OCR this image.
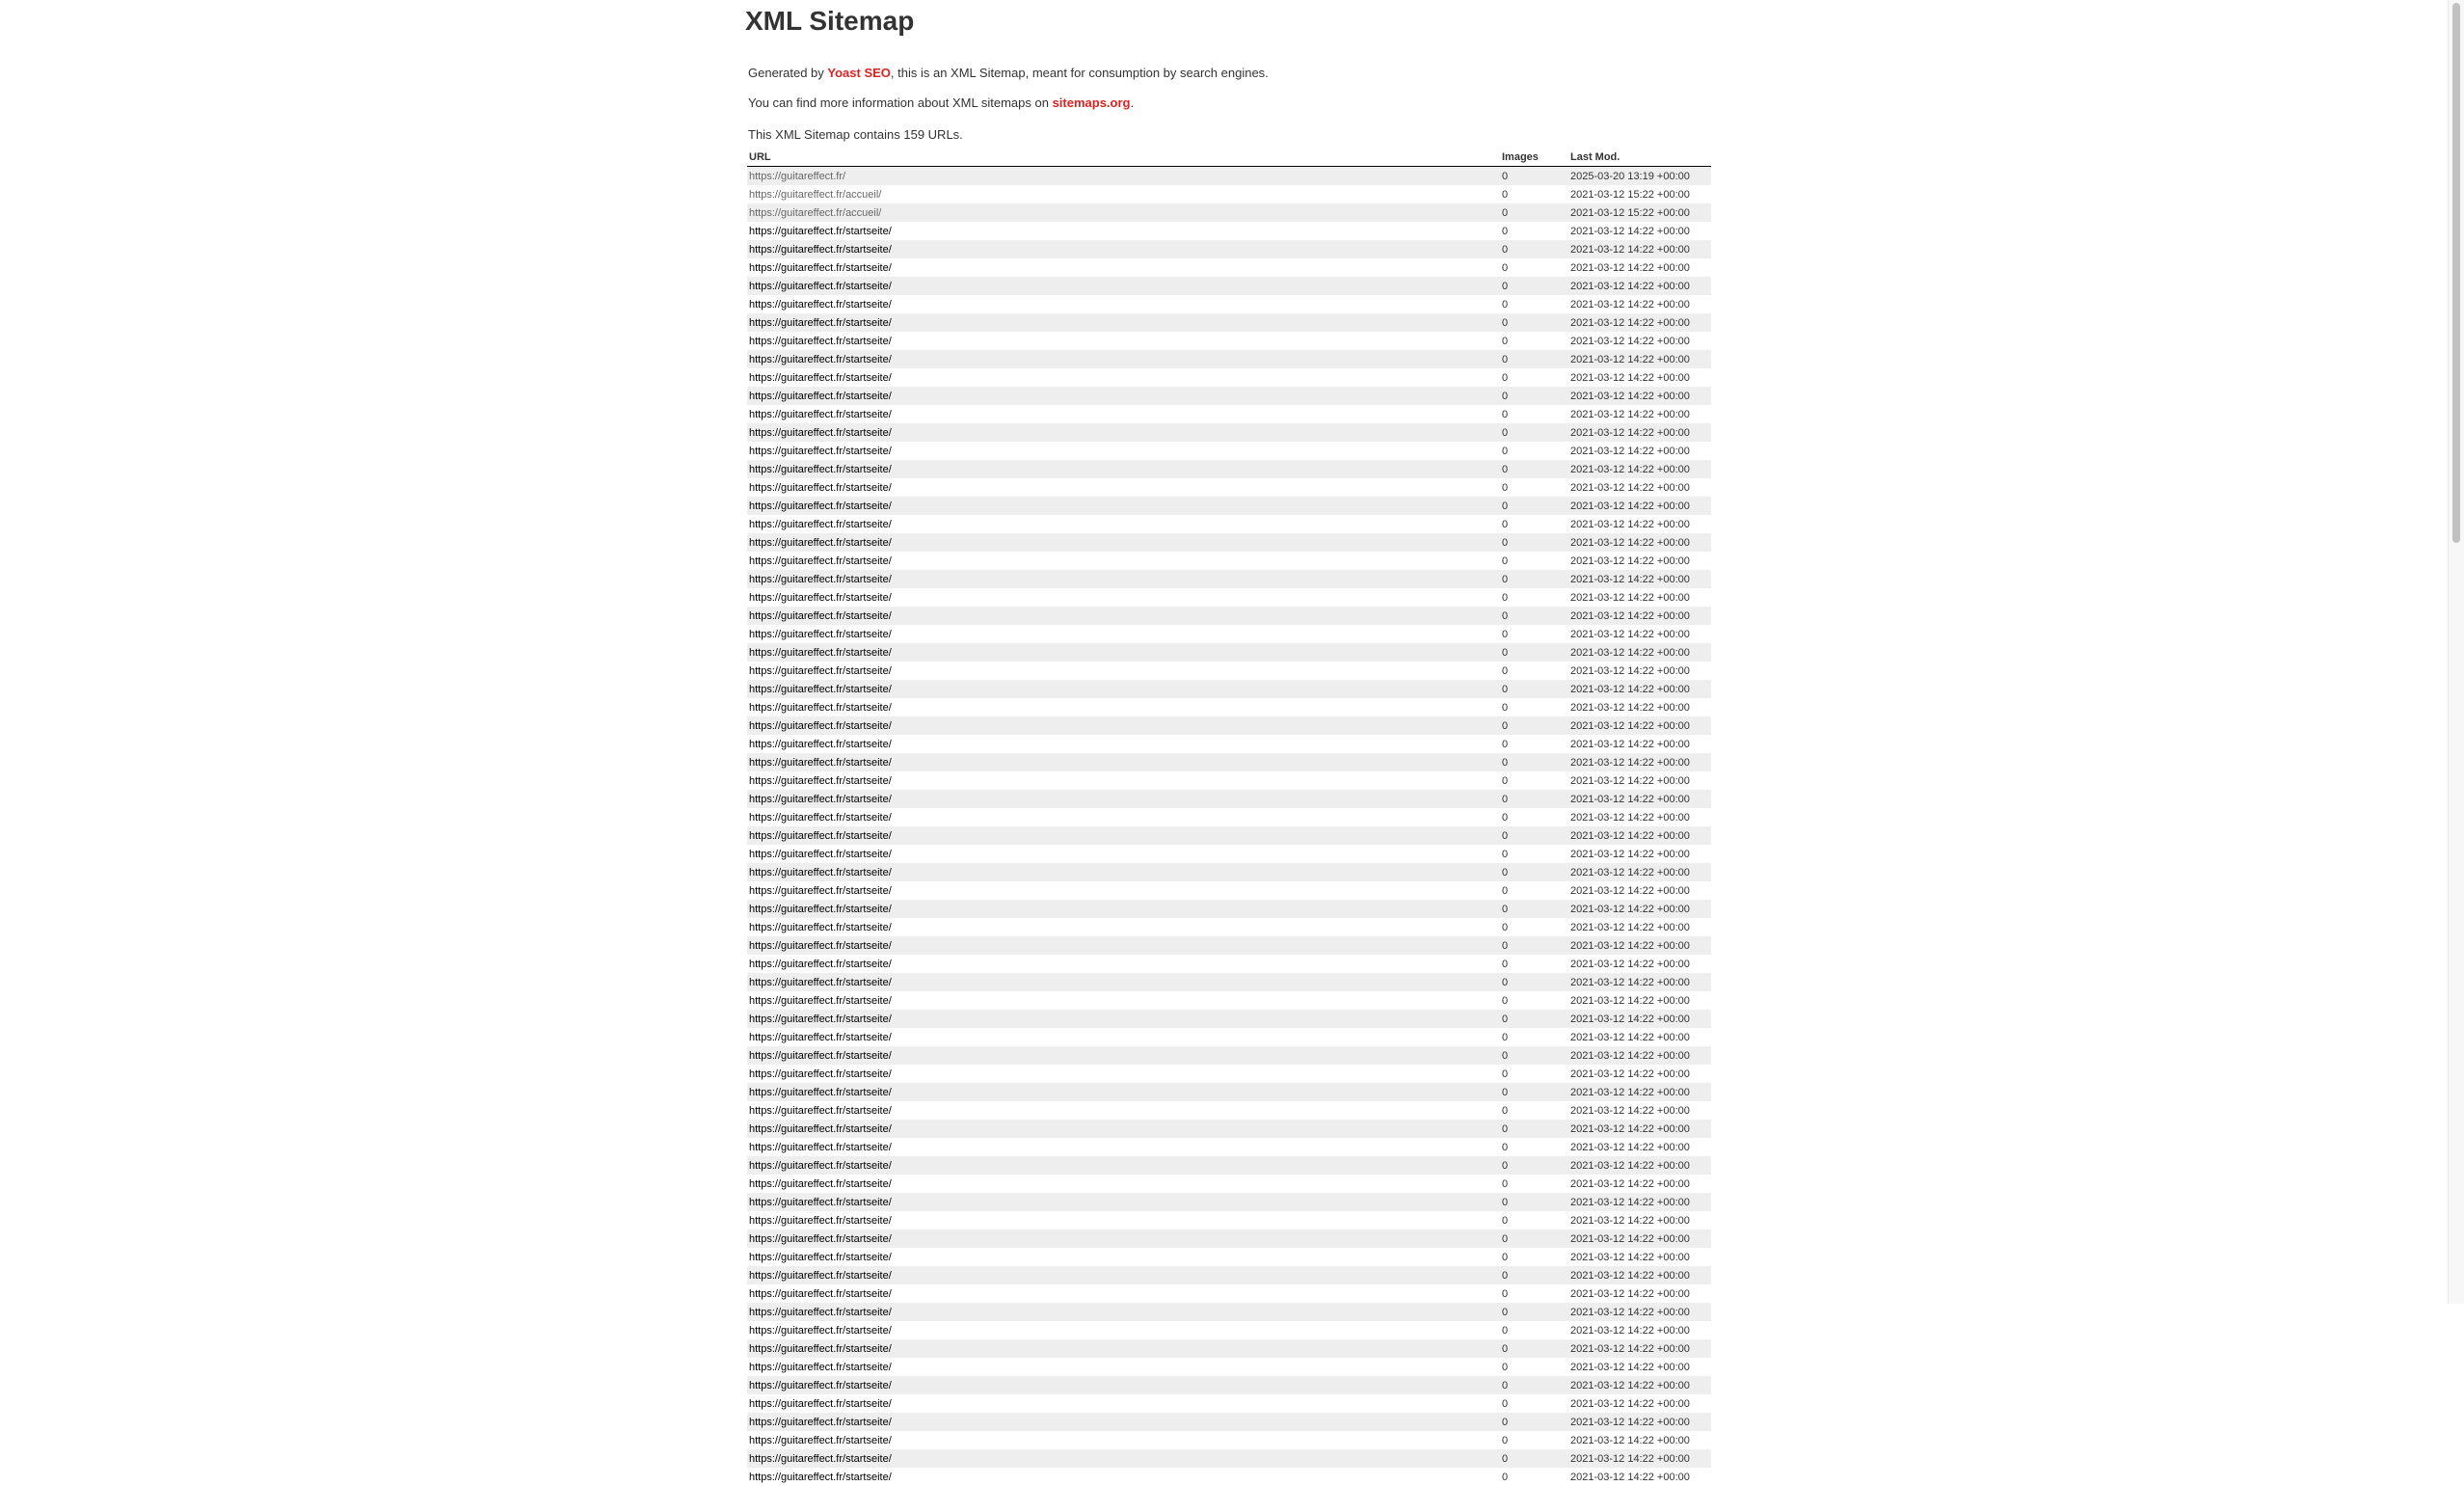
XML Sitemap

Generated by Yoast SEO, this is an XML Sitemap, meant for consumption by search engines.

You can find more information about XML sitemaps on sitemaps.org.

This XML Sitemap contains 159 URLs.

URL	Images	Last Mod.
https://guitareffect.fr/	0	2025-03-20 13:19 +00:00
https://guitareffect.fr/accueil/	0	2021-03-12 15:22 +00:00
https://guitareffect.fr/accueil/	0	2021-03-12 15:22 +00:00
https://guitareffect.fr/startseite/	0	2021-03-12 14:22 +00:00
https://guitareffect.fr/startseite/	0	2021-03-12 14:22 +00:00
https://guitareffect.fr/startseite/	0	2021-03-12 14:22 +00:00
https://guitareffect.fr/startseite/	0	2021-03-12 14:22 +00:00
https://guitareffect.fr/startseite/	0	2021-03-12 14:22 +00:00
https://guitareffect.fr/startseite/	0	2021-03-12 14:22 +00:00
https://guitareffect.fr/startseite/	0	2021-03-12 14:22 +00:00
https://guitareffect.fr/startseite/	0	2021-03-12 14:22 +00:00
https://guitareffect.fr/startseite/	0	2021-03-12 14:22 +00:00
https://guitareffect.fr/startseite/	0	2021-03-12 14:22 +00:00
https://guitareffect.fr/startseite/	0	2021-03-12 14:22 +00:00
https://guitareffect.fr/startseite/	0	2021-03-12 14:22 +00:00
https://guitareffect.fr/startseite/	0	2021-03-12 14:22 +00:00
https://guitareffect.fr/startseite/	0	2021-03-12 14:22 +00:00
https://guitareffect.fr/startseite/	0	2021-03-12 14:22 +00:00
https://guitareffect.fr/startseite/	0	2021-03-12 14:22 +00:00
https://guitareffect.fr/startseite/	0	2021-03-12 14:22 +00:00
https://guitareffect.fr/startseite/	0	2021-03-12 14:22 +00:00
https://guitareffect.fr/startseite/	0	2021-03-12 14:22 +00:00
https://guitareffect.fr/startseite/	0	2021-03-12 14:22 +00:00
https://guitareffect.fr/startseite/	0	2021-03-12 14:22 +00:00
https://guitareffect.fr/startseite/	0	2021-03-12 14:22 +00:00
https://guitareffect.fr/startseite/	0	2021-03-12 14:22 +00:00
https://guitareffect.fr/startseite/	0	2021-03-12 14:22 +00:00
https://guitareffect.fr/startseite/	0	2021-03-12 14:22 +00:00
https://guitareffect.fr/startseite/	0	2021-03-12 14:22 +00:00
https://guitareffect.fr/startseite/	0	2021-03-12 14:22 +00:00
https://guitareffect.fr/startseite/	0	2021-03-12 14:22 +00:00
https://guitareffect.fr/startseite/	0	2021-03-12 14:22 +00:00
https://guitareffect.fr/startseite/	0	2021-03-12 14:22 +00:00
https://guitareffect.fr/startseite/	0	2021-03-12 14:22 +00:00
https://guitareffect.fr/startseite/	0	2021-03-12 14:22 +00:00
https://guitareffect.fr/startseite/	0	2021-03-12 14:22 +00:00
https://guitareffect.fr/startseite/	0	2021-03-12 14:22 +00:00
https://guitareffect.fr/startseite/	0	2021-03-12 14:22 +00:00
https://guitareffect.fr/startseite/	0	2021-03-12 14:22 +00:00
https://guitareffect.fr/startseite/	0	2021-03-12 14:22 +00:00
https://guitareffect.fr/startseite/	0	2021-03-12 14:22 +00:00
https://guitareffect.fr/startseite/	0	2021-03-12 14:22 +00:00
https://guitareffect.fr/startseite/	0	2021-03-12 14:22 +00:00
https://guitareffect.fr/startseite/	0	2021-03-12 14:22 +00:00
https://guitareffect.fr/startseite/	0	2021-03-12 14:22 +00:00
https://guitareffect.fr/startseite/	0	2021-03-12 14:22 +00:00
https://guitareffect.fr/startseite/	0	2021-03-12 14:22 +00:00
https://guitareffect.fr/startseite/	0	2021-03-12 14:22 +00:00
https://guitareffect.fr/startseite/	0	2021-03-12 14:22 +00:00
https://guitareffect.fr/startseite/	0	2021-03-12 14:22 +00:00
https://guitareffect.fr/startseite/	0	2021-03-12 14:22 +00:00
https://guitareffect.fr/startseite/	0	2021-03-12 14:22 +00:00
https://guitareffect.fr/startseite/	0	2021-03-12 14:22 +00:00
https://guitareffect.fr/startseite/	0	2021-03-12 14:22 +00:00
https://guitareffect.fr/startseite/	0	2021-03-12 14:22 +00:00
https://guitareffect.fr/startseite/	0	2021-03-12 14:22 +00:00
https://guitareffect.fr/startseite/	0	2021-03-12 14:22 +00:00
https://guitareffect.fr/startseite/	0	2021-03-12 14:22 +00:00
https://guitareffect.fr/startseite/	0	2021-03-12 14:22 +00:00
https://guitareffect.fr/startseite/	0	2021-03-12 14:22 +00:00
https://guitareffect.fr/startseite/	0	2021-03-12 14:22 +00:00
https://guitareffect.fr/startseite/	0	2021-03-12 14:22 +00:00
https://guitareffect.fr/startseite/	0	2021-03-12 14:22 +00:00
https://guitareffect.fr/startseite/	0	2021-03-12 14:22 +00:00
https://guitareffect.fr/startseite/	0	2021-03-12 14:22 +00:00
https://guitareffect.fr/startseite/	0	2021-03-12 14:22 +00:00
https://guitareffect.fr/startseite/	0	2021-03-12 14:22 +00:00
https://guitareffect.fr/startseite/	0	2021-03-12 14:22 +00:00
https://guitareffect.fr/startseite/	0	2021-03-12 14:22 +00:00
https://guitareffect.fr/startseite/	0	2021-03-12 14:22 +00:00
https://guitareffect.fr/startseite/	0	2021-03-12 14:22 +00:00
https://guitareffect.fr/startseite/	0	2021-03-12 14:22 +00:00
